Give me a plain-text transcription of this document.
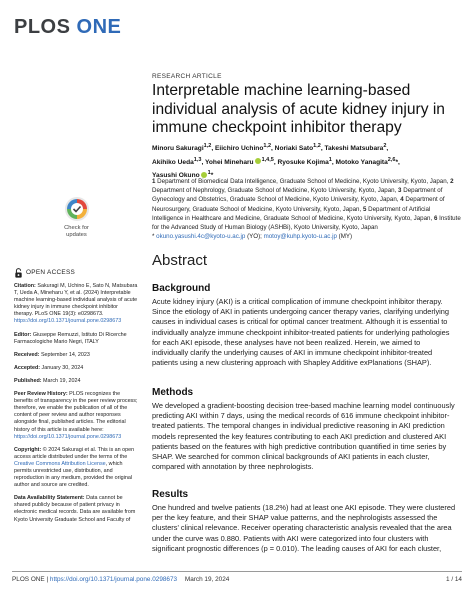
PLOS ONE
Check for
updates
RESEARCH ARTICLE
Interpretable machine learning-based individual analysis of acute kidney injury in immune checkpoint inhibitor therapy
Minoru Sakuragi$^{1,2}$, Eiichiro Uchino$^{1,2}$, Noriaki Sato$^{1,2}$, Takeshi Matsubara$^2$,
Akihiko Ueda$^{1,3}$, Yohei Mineharu $^{1,4,5}$, Ryosuke Kojima$^1$, Motoko Yanagita$^{2,6}$*,
Yasushi Okuno $^1$*
1 Department of Biomedical Data Intelligence, Graduate School of Medicine, Kyoto University, Kyoto, Japan, 2 Department of Nephrology, Graduate School of Medicine, Kyoto University, Kyoto, Japan, 3 Department of Gynecology and Obstetrics, Graduate School of Medicine, Kyoto University, Kyoto, Japan, 4 Department of Neurosurgery, Graduate School of Medicine, Kyoto University, Kyoto, Japan, 5 Department of Artificial Intelligence in Healthcare and Medicine, Graduate School of Medicine, Kyoto University, Kyoto, Japan, 6 Institute for the Advanced Study of Human Biology (ASHBi), Kyoto University, Kyoto, Japan
* okuno.yasushi.4c@kyoto-u.ac.jp (YO); motoy@kuhp.kyoto-u.ac.jp (MY)
OPEN ACCESS

Citation: Sakuragi M, Uchino E, Sato N, Matsubara T, Ueda A, Mineharu Y, et al. (2024) Interpretable machine learning-based individual analysis of acute kidney injury in immune checkpoint inhibitor therapy. PLoS ONE 19(3): e0298673. https://doi.org/10.1371/journal.pone.0298673

Editor: Giuseppe Remuzzi, Istituto Di Ricerche Farmacologiche Mario Negri, ITALY

Received: September 14, 2023

Accepted: January 30, 2024

Published: March 19, 2024

Peer Review History: PLOS recognizes the benefits of transparency in the peer review process; therefore, we enable the publication of all of the content of peer review and author responses alongside final, published articles. The editorial history of this article is available here: https://doi.org/10.1371/journal.pone.0298673

Copyright: © 2024 Sakuragi et al. This is an open access article distributed under the terms of the Creative Commons Attribution License, which permits unrestricted use, distribution, and reproduction in any medium, provided the original author and source are credited.

Data Availability Statement: Data cannot be shared publicly because of patient privacy in electronic medical records. Data are available from Kyoto University Graduate School and Faculty of

Abstract
Background
Acute kidney injury (AKI) is a critical complication of immune checkpoint inhibitor therapy. Since the etiology of AKI in patients undergoing cancer therapy varies, clarifying underlying causes in individual cases is critical for optimal cancer treatment. Although it is essential to individually analyze immune checkpoint inhibitor-treated patients for underlying pathologies for each AKI episode, these analyses have not been realized. Herein, we aimed to individually clarify the underlying causes of AKI in immune checkpoint inhibitor-treated patients using a new clustering approach with Shapley Additive exPlanations (SHAP).
Methods
We developed a gradient-boosting decision tree-based machine learning model continuously predicting AKI within 7 days, using the medical records of 616 immune checkpoint inhibitor-treated patients. The temporal changes in individual predictive reasoning in AKI prediction models represented the key features contributing to each AKI prediction and clustered AKI patients based on the features with high predictive contribution quantified in time series by SHAP. We searched for common clinical backgrounds of AKI patients in each cluster, compared with annotation by three nephrologists.
Results
One hundred and twelve patients (18.2%) had at least one AKI episode. They were clustered per the key feature, and their SHAP value patterns, and the nephrologists assessed the clusters' clinical relevance. Receiver operating characteristic analysis revealed that the area under the curve was 0.880. Patients with AKI were categorized into four clusters with significant prognostic differences (p = 0.010). The leading causes of AKI for each cluster,
PLOS ONE | https://doi.org/10.1371/journal.pone.0298673 March 19, 2024	1 / 14
